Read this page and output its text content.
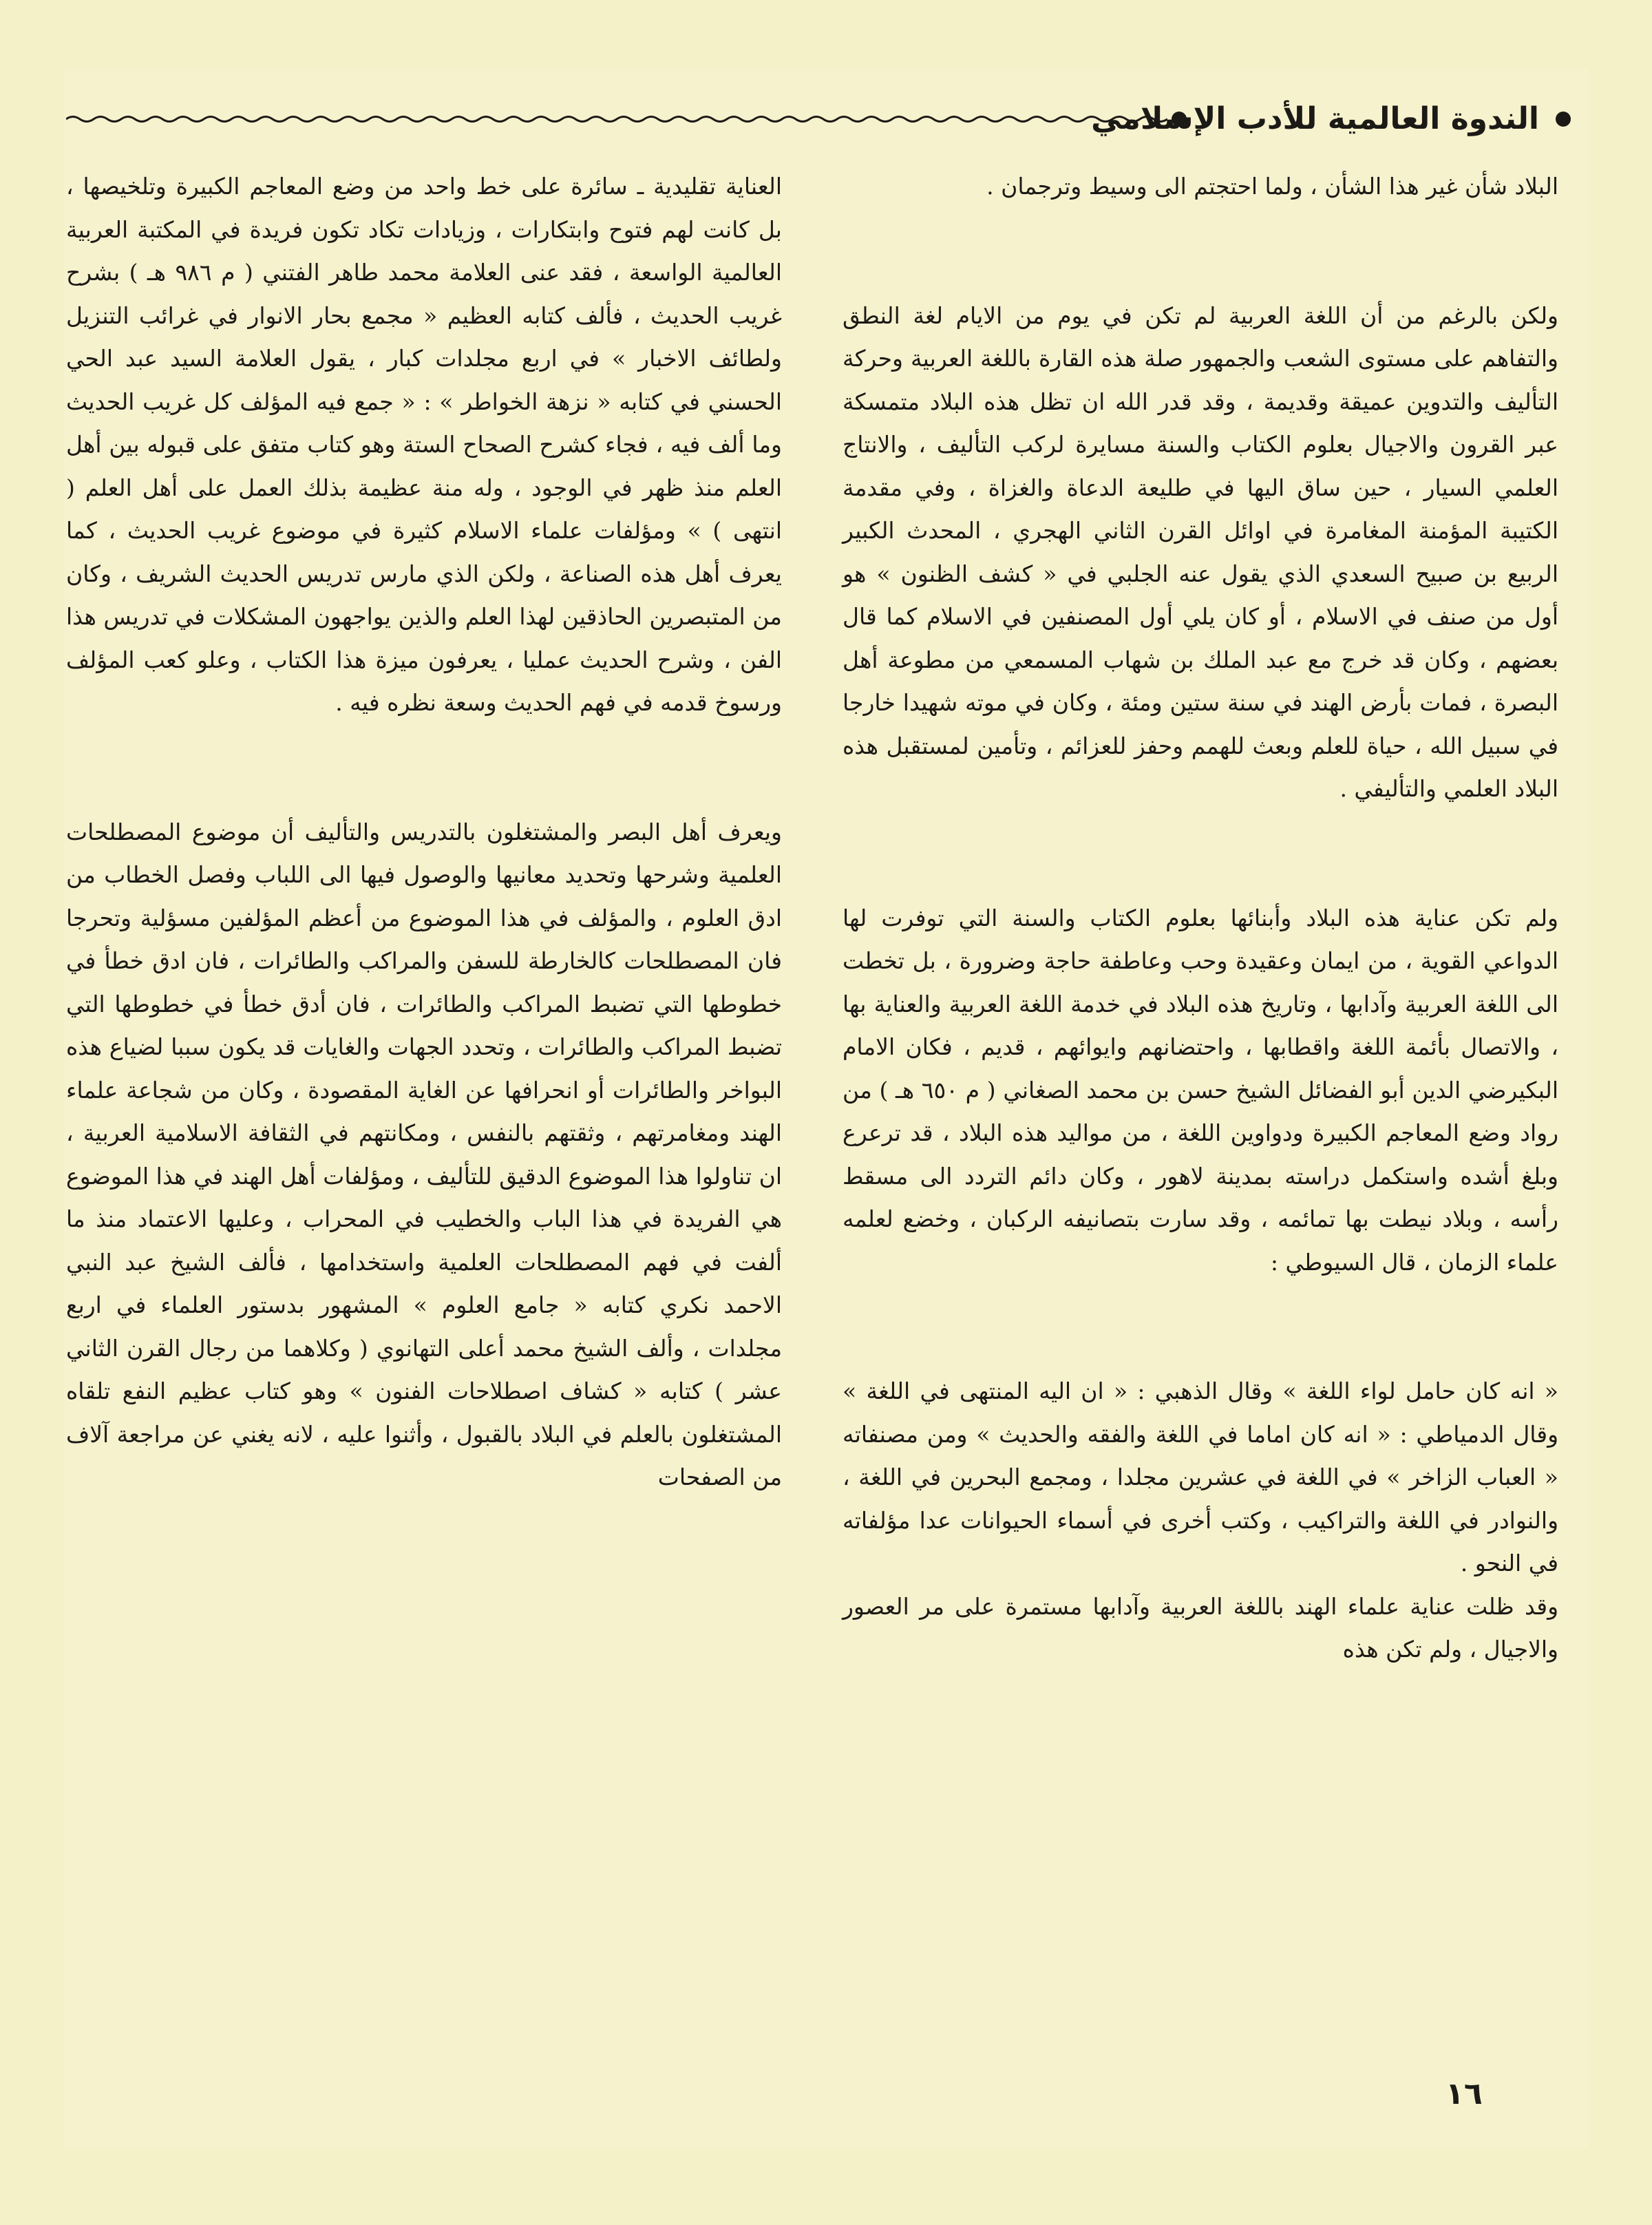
الندوة العالمية للأدب الإسلامي

البلاد شأن غير هذا الشأن ، ولما احتجتم الى وسيط وترجمان .

ولكن بالرغم من أن اللغة العربية لم تكن في يوم من الايام لغة النطق والتفاهم على مستوى الشعب والجمهور صلة هذه القارة باللغة العربية وحركة التأليف والتدوين عميقة وقديمة ، وقد قدر الله ان تظل هذه البلاد متمسكة عبر القرون والاجيال بعلوم الكتاب والسنة مسايرة لركب التأليف ، والانتاج العلمي السيار ، حين ساق اليها في طليعة الدعاة والغزاة ، وفي مقدمة الكتيبة المؤمنة المغامرة في اوائل القرن الثاني الهجري ، المحدث الكبير الربيع بن صبيح السعدي الذي يقول عنه الجلبي في « كشف الظنون » هو أول من صنف في الاسلام ، أو كان يلي أول المصنفين في الاسلام كما قال بعضهم ، وكان قد خرج مع عبد الملك بن شهاب المسمعي من مطوعة أهل البصرة ، فمات بأرض الهند في سنة ستين ومئة ، وكان في موته شهيدا خارجا في سبيل الله ، حياة للعلم وبعث للهمم وحفز للعزائم ، وتأمين لمستقبل هذه البلاد العلمي والتأليفي .

ولم تكن عناية هذه البلاد وأبنائها بعلوم الكتاب والسنة التي توفرت لها الدواعي القوية ، من ايمان وعقيدة وحب وعاطفة حاجة وضرورة ، بل تخطت الى اللغة العربية وآدابها ، وتاريخ هذه البلاد في خدمة اللغة العربية والعناية بها ، والاتصال بأئمة اللغة واقطابها ، واحتضانهم وايوائهم ، قديم ، فكان الامام البكيرضي الدين أبو الفضائل الشيخ حسن بن محمد الصغاني ( م ٦٥٠ هـ ) من رواد وضع المعاجم الكبيرة ودواوين اللغة ، من مواليد هذه البلاد ، قد ترعرع وبلغ أشده واستكمل دراسته بمدينة لاهور ، وكان دائم التردد الى مسقط رأسه ، وبلاد نيطت بها تمائمه ، وقد سارت بتصانيفه الركبان ، وخضع لعلمه علماء الزمان ، قال السيوطي :

« انه كان حامل لواء اللغة » وقال الذهبي : « ان اليه المنتهى في اللغة » وقال الدمياطي : « انه كان اماما في اللغة والفقه والحديث » ومن مصنفاته « العباب الزاخر » في اللغة في عشرين مجلدا ، ومجمع البحرين في اللغة ، والنوادر في اللغة والتراكيب ، وكتب أخرى في أسماء الحيوانات عدا مؤلفاته في النحو .

وقد ظلت عناية علماء الهند باللغة العربية وآدابها مستمرة على مر العصور والاجيال ، ولم تكن هذه

العناية تقليدية ـ سائرة على خط واحد من وضع المعاجم الكبيرة وتلخيصها ، بل كانت لهم فتوح وابتكارات ، وزيادات تكاد تكون فريدة في المكتبة العربية العالمية الواسعة ، فقد عنى العلامة محمد طاهر الفتني ( م ٩٨٦ هـ ) بشرح غريب الحديث ، فألف كتابه العظيم « مجمع بحار الانوار في غرائب التنزيل ولطائف الاخبار » في اربع مجلدات كبار ، يقول العلامة السيد عبد الحي الحسني في كتابه « نزهة الخواطر » : « جمع فيه المؤلف كل غريب الحديث وما ألف فيه ، فجاء كشرح الصحاح الستة وهو كتاب متفق على قبوله بين أهل العلم منذ ظهر في الوجود ، وله منة عظيمة بذلك العمل على أهل العلم ( انتهى ) » ومؤلفات علماء الاسلام كثيرة في موضوع غريب الحديث ، كما يعرف أهل هذه الصناعة ، ولكن الذي مارس تدريس الحديث الشريف ، وكان من المتبصرين الحاذقين لهذا العلم والذين يواجهون المشكلات في تدريس هذا الفن ، وشرح الحديث عمليا ، يعرفون ميزة هذا الكتاب ، وعلو كعب المؤلف ورسوخ قدمه في فهم الحديث وسعة نظره فيه .

ويعرف أهل البصر والمشتغلون بالتدريس والتأليف أن موضوع المصطلحات العلمية وشرحها وتحديد معانيها والوصول فيها الى اللباب وفصل الخطاب من ادق العلوم ، والمؤلف في هذا الموضوع من أعظم المؤلفين مسؤلية وتحرجا فان المصطلحات كالخارطة للسفن والمراكب والطائرات ، فان ادق خطأ في خطوطها التي تضبط المراكب والطائرات ، فان أدق خطأ في خطوطها التي تضبط المراكب والطائرات ، وتحدد الجهات والغايات قد يكون سببا لضياع هذه البواخر والطائرات أو انحرافها عن الغاية المقصودة ، وكان من شجاعة علماء الهند ومغامرتهم ، وثقتهم بالنفس ، ومكانتهم في الثقافة الاسلامية العربية ، ان تناولوا هذا الموضوع الدقيق للتأليف ، ومؤلفات أهل الهند في هذا الموضوع هي الفريدة في هذا الباب والخطيب في المحراب ، وعليها الاعتماد منذ ما ألفت في فهم المصطلحات العلمية واستخدامها ، فألف الشيخ عبد النبي الاحمد نكري كتابه « جامع العلوم » المشهور بدستور العلماء في اربع مجلدات ، وألف الشيخ محمد أعلى التهانوي ( وكلاهما من رجال القرن الثاني عشر ) كتابه « كشاف اصطلاحات الفنون » وهو كتاب عظيم النفع تلقاه المشتغلون بالعلم في البلاد بالقبول ، وأثنوا عليه ، لانه يغني عن مراجعة آلاف من الصفحات

١٦
